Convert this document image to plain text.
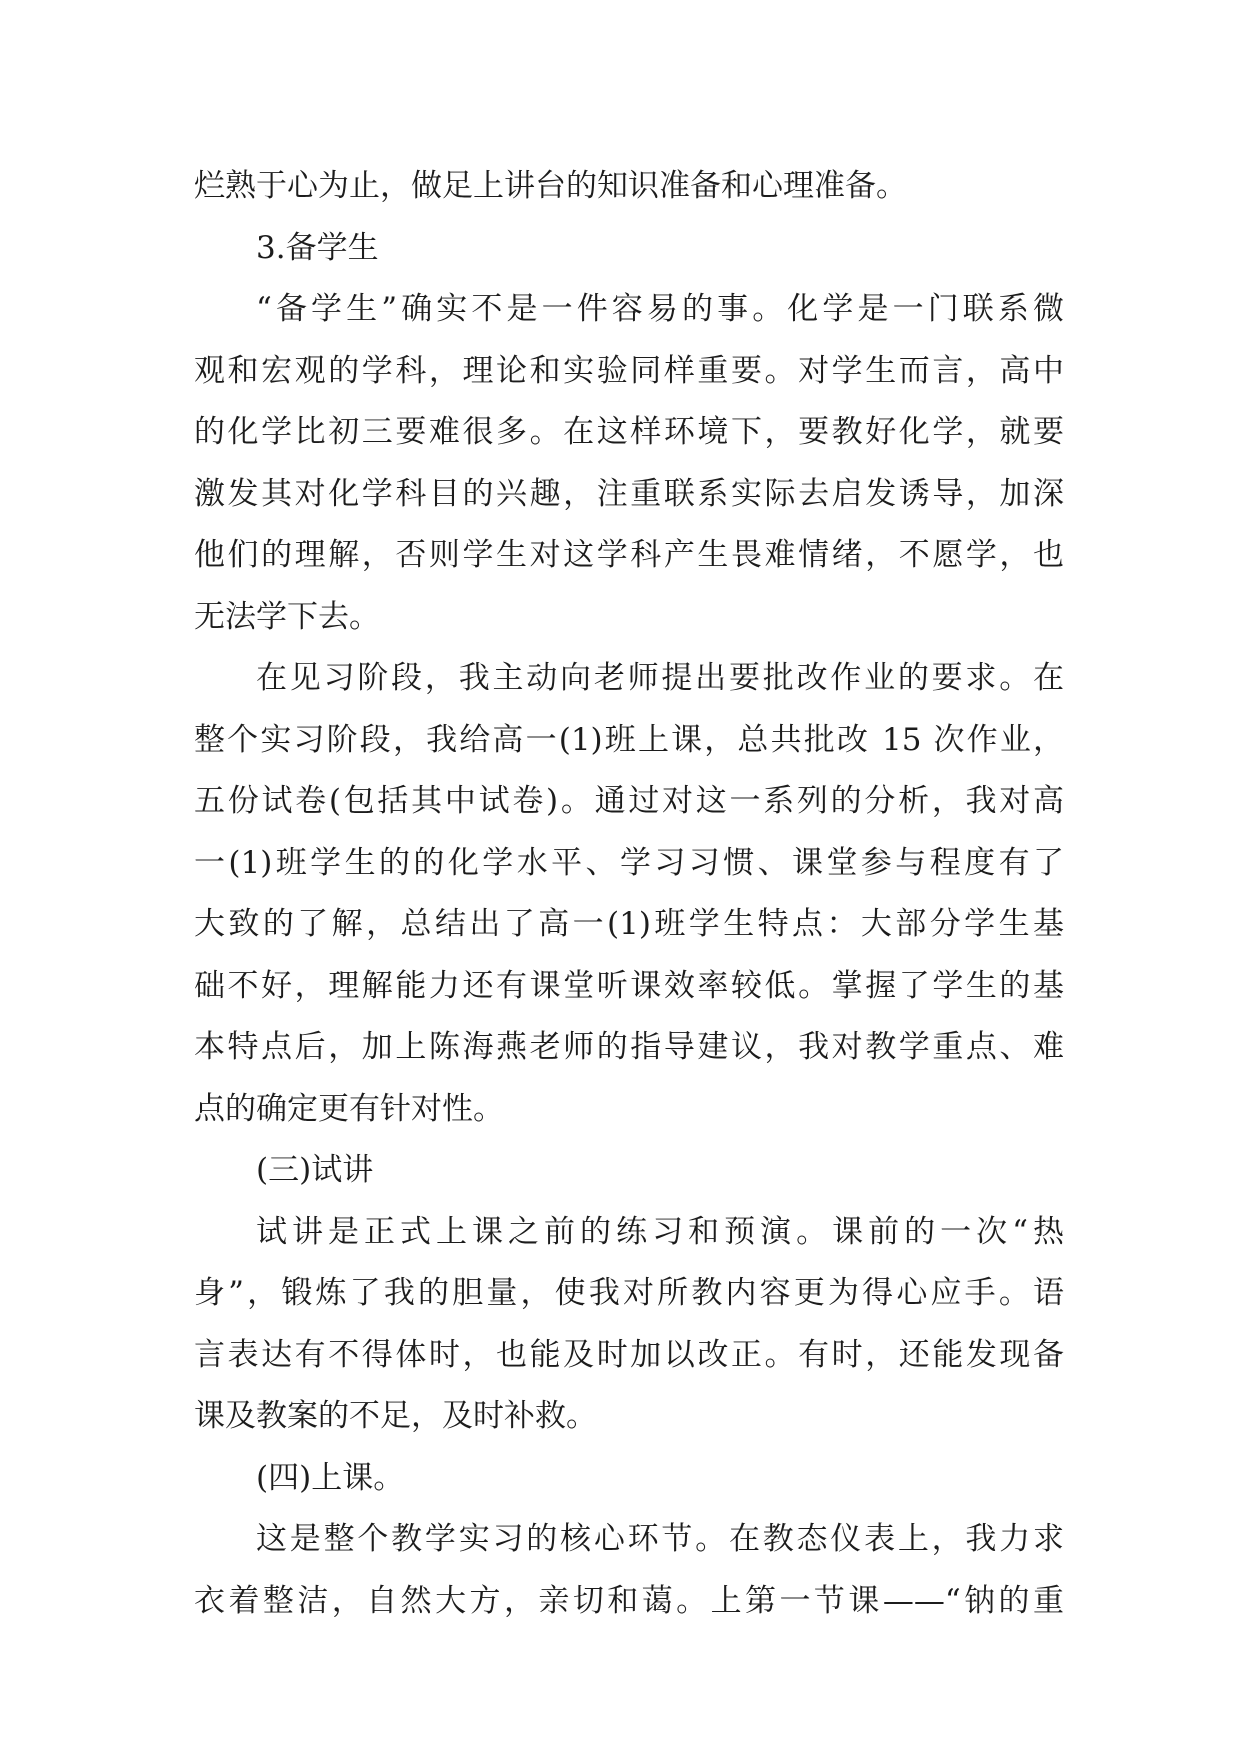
烂熟于心为止，做足上讲台的知识准备和心理准备。
3.备学生
“备学生”确实不是一件容易的事。化学是一门联系微
观和宏观的学科，理论和实验同样重要。对学生而言，高中
的化学比初三要难很多。在这样环境下，要教好化学，就要
激发其对化学科目的兴趣，注重联系实际去启发诱导，加深
他们的理解，否则学生对这学科产生畏难情绪，不愿学，也
无法学下去。
在见习阶段，我主动向老师提出要批改作业的要求。在
整个实习阶段，我给高一(1)班上课，总共批改 15 次作业，
五份试卷(包括其中试卷)。通过对这一系列的分析，我对高
一(1)班学生的的化学水平、学习习惯、课堂参与程度有了
大致的了解，总结出了高一(1)班学生特点：大部分学生基
础不好，理解能力还有课堂听课效率较低。掌握了学生的基
本特点后，加上陈海燕老师的指导建议，我对教学重点、难
点的确定更有针对性。
(三)试讲
试讲是正式上课之前的练习和预演。课前的一次“热
身”，锻炼了我的胆量，使我对所教内容更为得心应手。语
言表达有不得体时，也能及时加以改正。有时，还能发现备
课及教案的不足，及时补救。
(四)上课。
这是整个教学实习的核心环节。在教态仪表上，我力求
衣着整洁，自然大方，亲切和蔼。上第一节课——“钠的重
